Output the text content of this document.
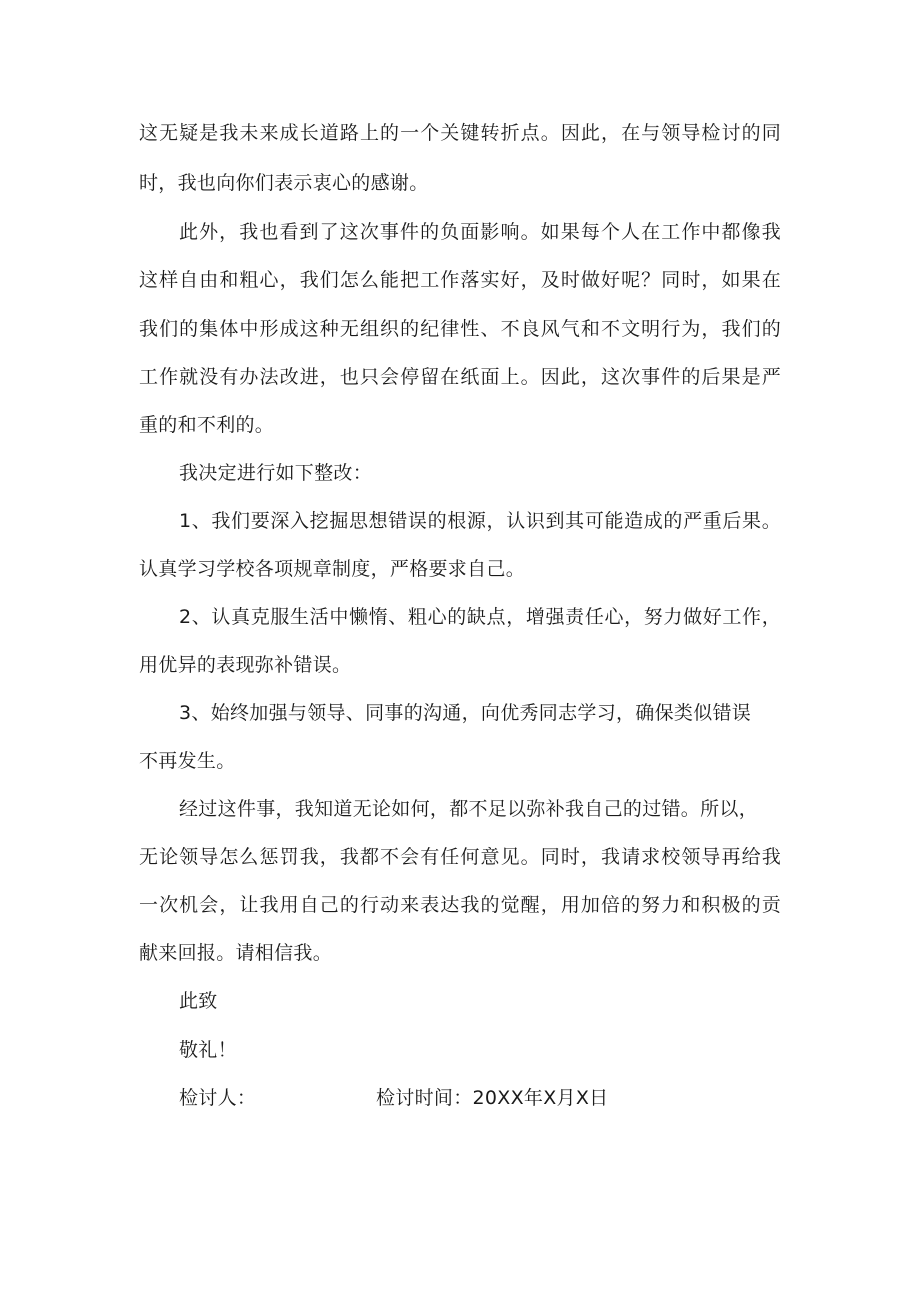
这无疑是我未来成长道路上的一个关键转折点。因此，在与领导检讨的同

时，我也向你们表示衷心的感谢。

此外，我也看到了这次事件的负面影响。如果每个人在工作中都像我

这样自由和粗心，我们怎么能把工作落实好，及时做好呢？同时，如果在

我们的集体中形成这种无组织的纪律性、不良风气和不文明行为，我们的

工作就没有办法改进，也只会停留在纸面上。因此，这次事件的后果是严

重的和不利的。

我决定进行如下整改：

1、我们要深入挖掘思想错误的根源，认识到其可能造成的严重后果。

认真学习学校各项规章制度，严格要求自己。

2、认真克服生活中懒惰、粗心的缺点，增强责任心，努力做好工作，

用优异的表现弥补错误。

3、始终加强与领导、同事的沟通，向优秀同志学习，确保类似错误

不再发生。

经过这件事，我知道无论如何，都不足以弥补我自己的过错。所以，

无论领导怎么惩罚我，我都不会有任何意见。同时，我请求校领导再给我

一次机会，让我用自己的行动来表达我的觉醒，用加倍的努力和积极的贡

献来回报。请相信我。

此致

敬礼！

检讨人：	检讨时间：20XX年X月X日
